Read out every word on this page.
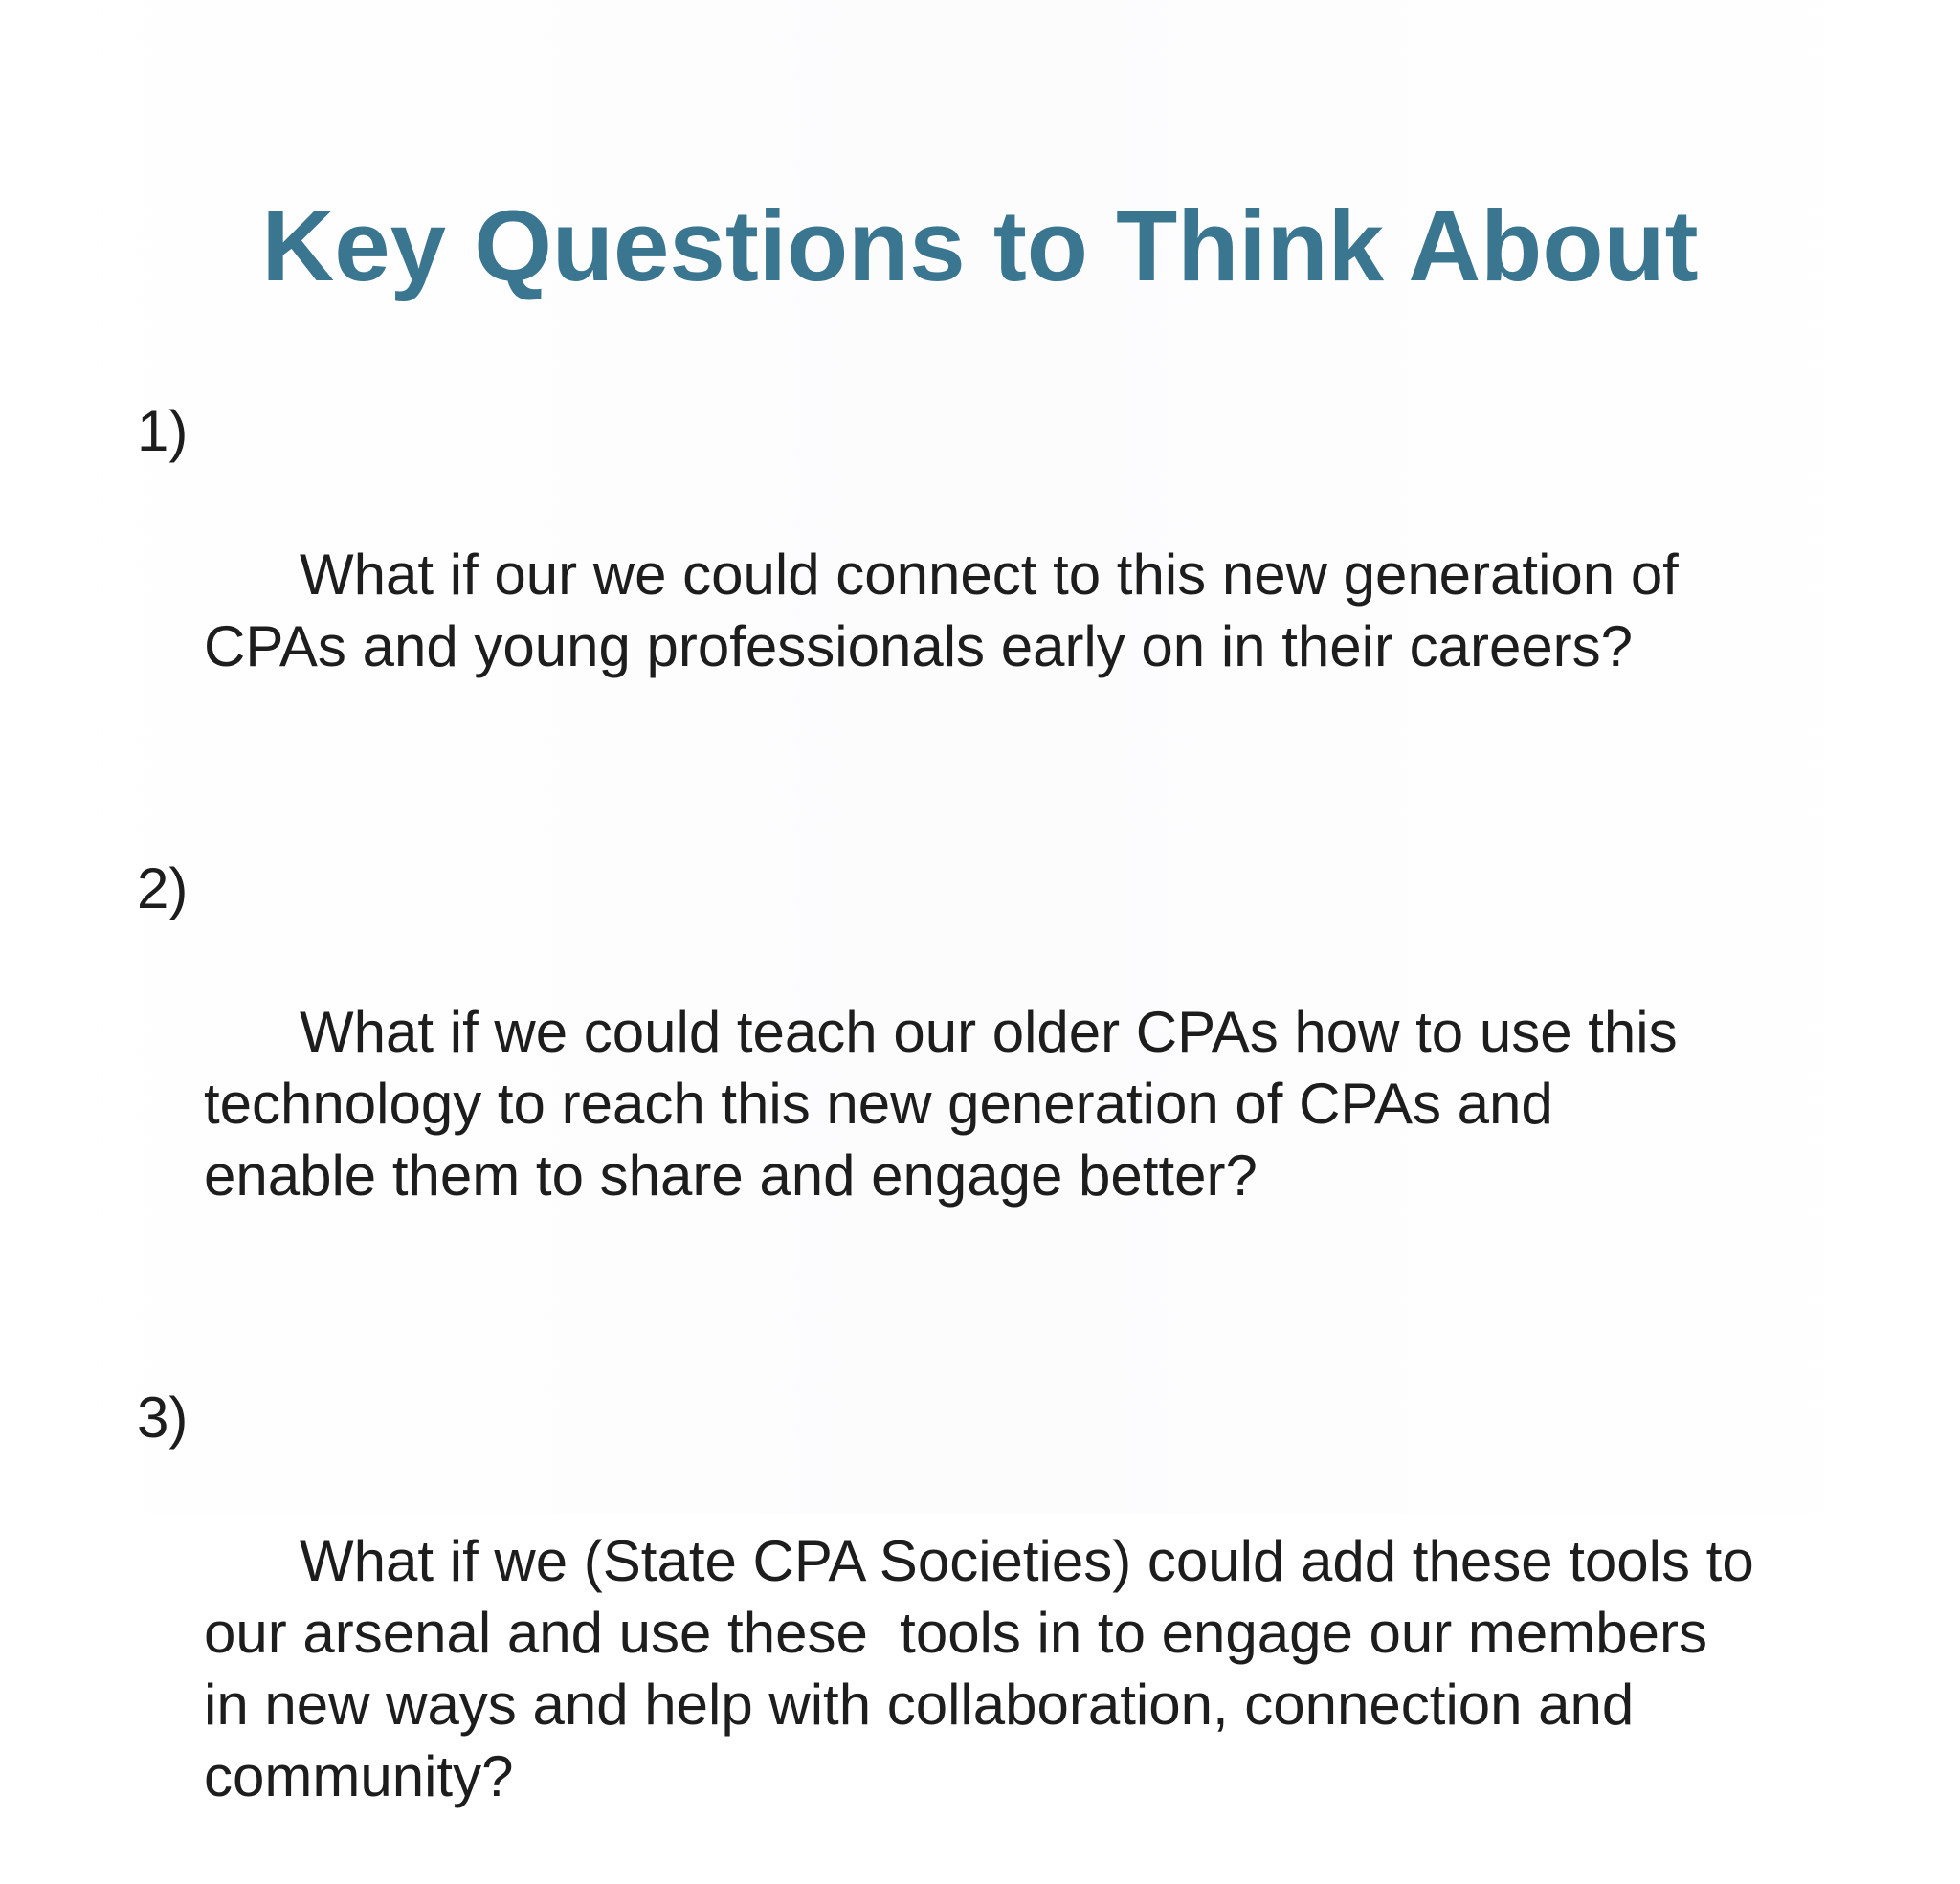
Key Questions to Think About

1)

What if our we could connect to this new generation of
CPAs and young professionals early on in their careers?

2)

What if we could teach our older CPAs how to use this
technology to reach this new generation of CPAs and
enable them to share and engage better?

3)

What if we (State CPA Societies) could add these tools to
our arsenal and use these  tools in to engage our members
in new ways and help with collaboration, connection and
community?
